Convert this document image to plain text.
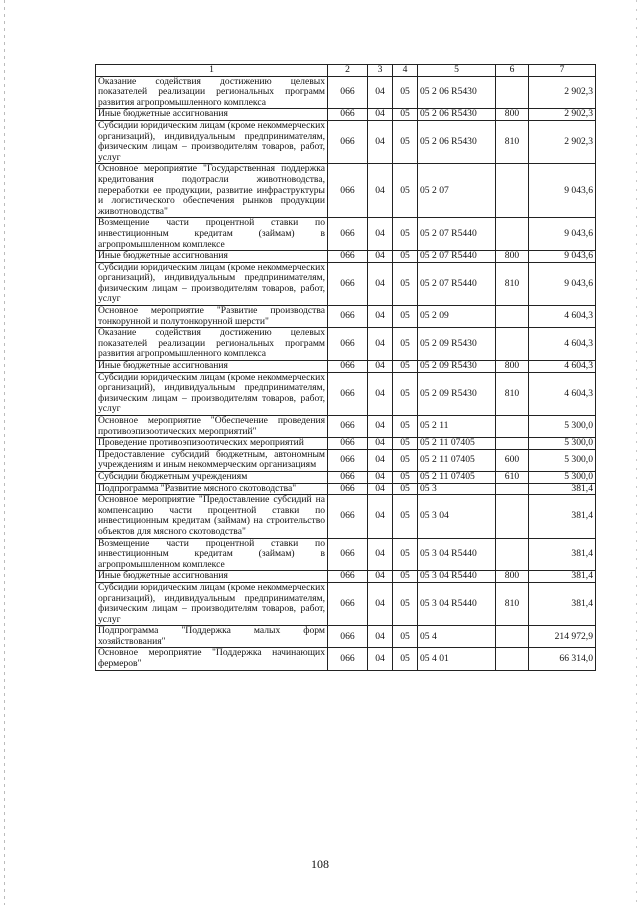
1	2	3	4	5	6	7
Оказание содействия достижению целевых показателей реализации региональных программ развития агропромышленного комплекса	066	04	05	05 2 06 R5430		2 902,3
Иные бюджетные ассигнования	066	04	05	05 2 06 R5430	800	2 902,3
Субсидии юридическим лицам (кроме некоммерческих организаций), индивидуальным предпринимателям, физическим лицам – производителям товаров, работ, услуг	066	04	05	05 2 06 R5430	810	2 902,3
Основное мероприятие "Государственная поддержка кредитования подотрасли животноводства, переработки ее продукции, развитие инфраструктуры и логистического обеспечения рынков продукции животноводства"	066	04	05	05 2 07		9 043,6
Возмещение части процентной ставки по инвестиционным кредитам (займам) в агропромышленном комплексе	066	04	05	05 2 07 R5440		9 043,6
Иные бюджетные ассигнования	066	04	05	05 2 07 R5440	800	9 043,6
Субсидии юридическим лицам (кроме некоммерческих организаций), индивидуальным предпринимателям, физическим лицам – производителям товаров, работ, услуг	066	04	05	05 2 07 R5440	810	9 043,6
Основное мероприятие "Развитие производства тонкорунной и полутонкорунной шерсти"	066	04	05	05 2 09		4 604,3
Оказание содействия достижению целевых показателей реализации региональных программ развития агропромышленного комплекса	066	04	05	05 2 09 R5430		4 604,3
Иные бюджетные ассигнования	066	04	05	05 2 09 R5430	800	4 604,3
Субсидии юридическим лицам (кроме некоммерческих организаций), индивидуальным предпринимателям, физическим лицам – производителям товаров, работ, услуг	066	04	05	05 2 09 R5430	810	4 604,3
Основное мероприятие "Обеспечение проведения противоэпизоотических мероприятий"	066	04	05	05 2 11		5 300,0
Проведение противоэпизоотических мероприятий	066	04	05	05 2 11 07405		5 300,0
Предоставление субсидий бюджетным, автономным учреждениям и иным некоммерческим организациям	066	04	05	05 2 11 07405	600	5 300,0
Субсидии бюджетным учреждениям	066	04	05	05 2 11 07405	610	5 300,0
Подпрограмма "Развитие мясного скотоводства"	066	04	05	05 3		381,4
Основное мероприятие "Предоставление субсидий на компенсацию части процентной ставки по инвестиционным кредитам (займам) на строительство объектов для мясного скотоводства"	066	04	05	05 3 04		381,4
Возмещение части процентной ставки по инвестиционным кредитам (займам) в агропромышленном комплексе	066	04	05	05 3 04 R5440		381,4
Иные бюджетные ассигнования	066	04	05	05 3 04 R5440	800	381,4
Субсидии юридическим лицам (кроме некоммерческих организаций), индивидуальным предпринимателям, физическим лицам – производителям товаров, работ, услуг	066	04	05	05 3 04 R5440	810	381,4
Подпрограмма "Поддержка малых форм хозяйствования"	066	04	05	05 4		214 972,9
Основное мероприятие "Поддержка начинающих фермеров"	066	04	05	05 4 01		66 314,0
108
